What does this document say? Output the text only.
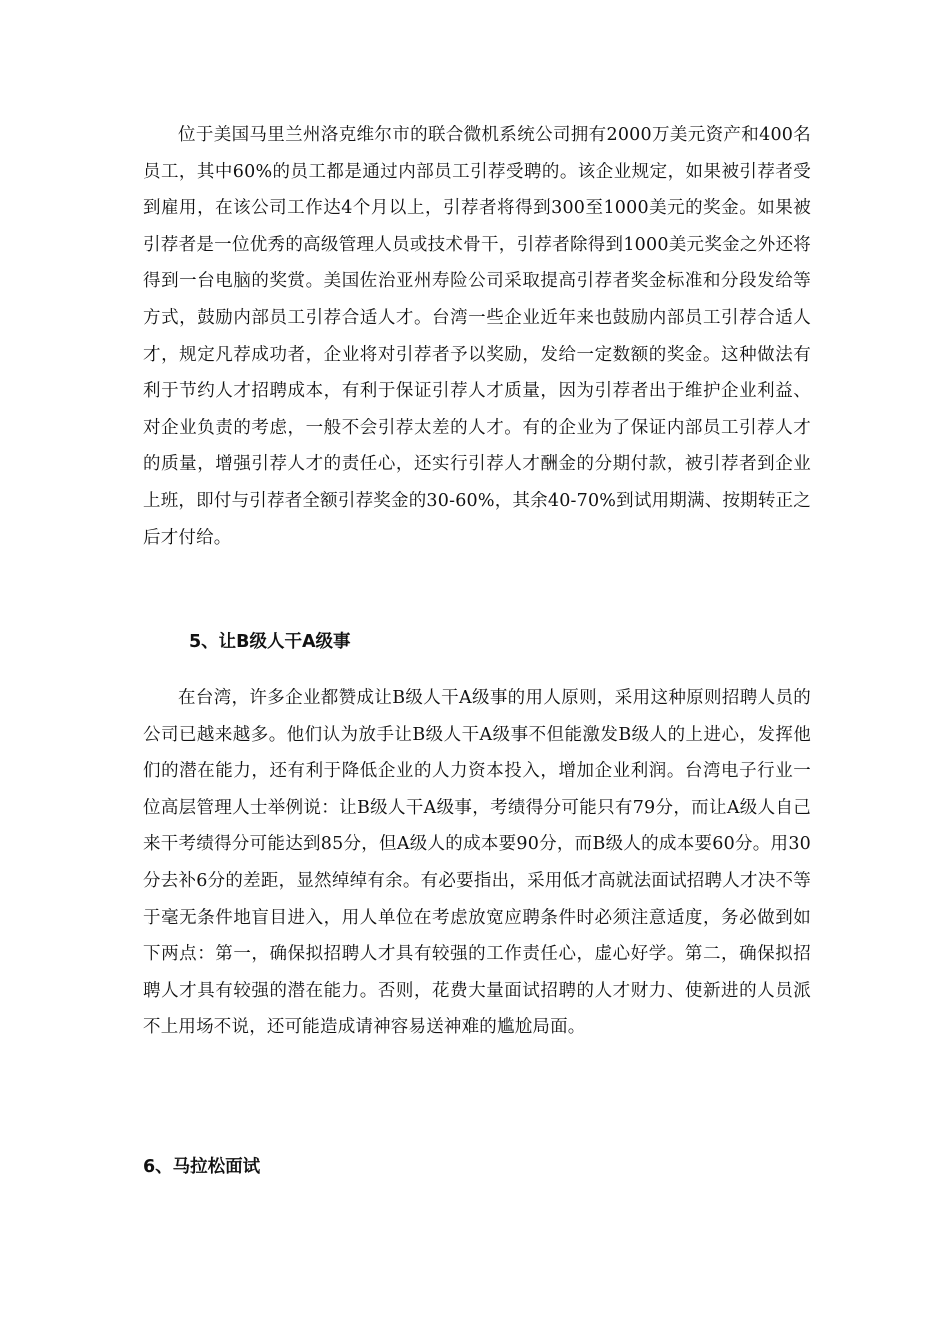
位于美国马里兰州洛克维尔市的联合微机系统公司拥有2000万美元资产和400名员工，其中60%的员工都是通过内部员工引荐受聘的。该企业规定，如果被引荐者受到雇用，在该公司工作达4个月以上，引荐者将得到300至1000美元的奖金。如果被引荐者是一位优秀的高级管理人员或技术骨干，引荐者除得到1000美元奖金之外还将得到一台电脑的奖赏。美国佐治亚州寿险公司采取提高引荐者奖金标准和分段发给等方式，鼓励内部员工引荐合适人才。台湾一些企业近年来也鼓励内部员工引荐合适人才，规定凡荐成功者，企业将对引荐者予以奖励，发给一定数额的奖金。这种做法有利于节约人才招聘成本，有利于保证引荐人才质量，因为引荐者出于维护企业利益、对企业负责的考虑，一般不会引荐太差的人才。有的企业为了保证内部员工引荐人才的质量，增强引荐人才的责任心，还实行引荐人才酬金的分期付款，被引荐者到企业上班，即付与引荐者全额引荐奖金的30-60%，其余40-70%到试用期满、按期转正之后才付给。

5、让B级人干A级事

在台湾，许多企业都赞成让B级人干A级事的用人原则，采用这种原则招聘人员的公司已越来越多。他们认为放手让B级人干A级事不但能激发B级人的上进心，发挥他们的潜在能力，还有利于降低企业的人力资本投入，增加企业利润。台湾电子行业一位高层管理人士举例说：让B级人干A级事，考绩得分可能只有79分，而让A级人自己来干考绩得分可能达到85分，但A级人的成本要90分，而B级人的成本要60分。用30分去补6分的差距，显然绰绰有余。有必要指出，采用低才高就法面试招聘人才决不等于毫无条件地盲目进入，用人单位在考虑放宽应聘条件时必须注意适度，务必做到如下两点：第一，确保拟招聘人才具有较强的工作责任心，虚心好学。第二，确保拟招聘人才具有较强的潜在能力。否则，花费大量面试招聘的人才财力、使新进的人员派不上用场不说，还可能造成请神容易送神难的尴尬局面。

6、马拉松面试
